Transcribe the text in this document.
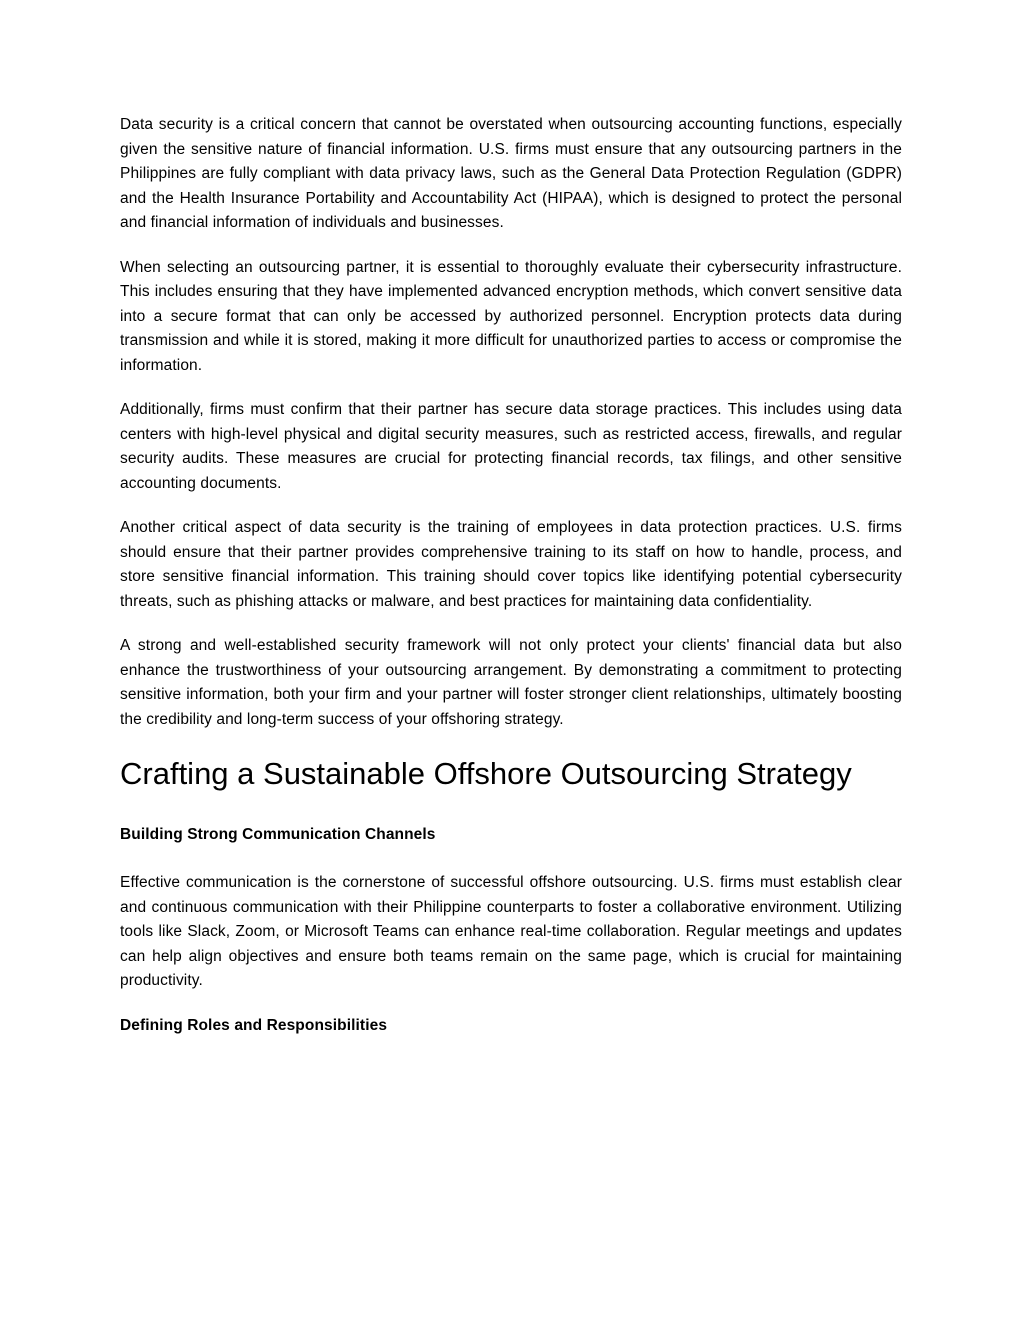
Data security is a critical concern that cannot be overstated when outsourcing accounting functions, especially given the sensitive nature of financial information. U.S. firms must ensure that any outsourcing partners in the Philippines are fully compliant with data privacy laws, such as the General Data Protection Regulation (GDPR) and the Health Insurance Portability and Accountability Act (HIPAA), which is designed to protect the personal and financial information of individuals and businesses.

When selecting an outsourcing partner, it is essential to thoroughly evaluate their cybersecurity infrastructure. This includes ensuring that they have implemented advanced encryption methods, which convert sensitive data into a secure format that can only be accessed by authorized personnel. Encryption protects data during transmission and while it is stored, making it more difficult for unauthorized parties to access or compromise the information.

Additionally, firms must confirm that their partner has secure data storage practices. This includes using data centers with high-level physical and digital security measures, such as restricted access, firewalls, and regular security audits. These measures are crucial for protecting financial records, tax filings, and other sensitive accounting documents.

Another critical aspect of data security is the training of employees in data protection practices. U.S. firms should ensure that their partner provides comprehensive training to its staff on how to handle, process, and store sensitive financial information. This training should cover topics like identifying potential cybersecurity threats, such as phishing attacks or malware, and best practices for maintaining data confidentiality.

A strong and well-established security framework will not only protect your clients' financial data but also enhance the trustworthiness of your outsourcing arrangement. By demonstrating a commitment to protecting sensitive information, both your firm and your partner will foster stronger client relationships, ultimately boosting the credibility and long-term success of your offshoring strategy.

Crafting a Sustainable Offshore Outsourcing Strategy
Building Strong Communication Channels

Effective communication is the cornerstone of successful offshore outsourcing. U.S. firms must establish clear and continuous communication with their Philippine counterparts to foster a collaborative environment. Utilizing tools like Slack, Zoom, or Microsoft Teams can enhance real-time collaboration. Regular meetings and updates can help align objectives and ensure both teams remain on the same page, which is crucial for maintaining productivity.

Defining Roles and Responsibilities
